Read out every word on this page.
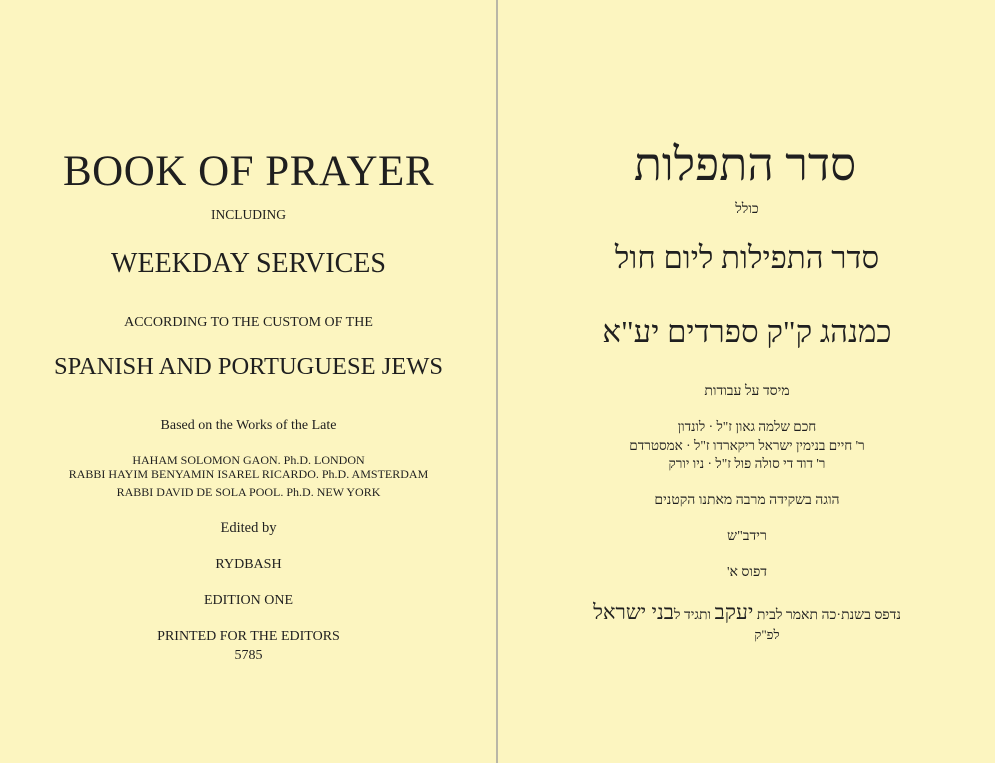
BOOK OF PRAYER
INCLUDING
WEEKDAY SERVICES
ACCORDING TO THE CUSTOM OF THE
SPANISH AND PORTUGUESE JEWS
Based on the Works of the Late
HAHAM SOLOMON GAON. Ph.D. LONDON
RABBI HAYIM BENYAMIN ISAREL RICARDO. Ph.D. AMSTERDAM
RABBI DAVID DE SOLA POOL. Ph.D. NEW YORK
Edited by
RYDBASH
EDITION ONE
PRINTED FOR THE EDITORS
5785
סדר התפלות
כולל
סדר התפילות ליום חול
כמנהג ק"ק ספרדים יע"א
מיסד על עבודות
חכם שלמה גאון ז"ל · לונדון
ר' חיים בנימין ישראל ריקארדו ז"ל · אמסטרדם
ר' דוד די סולה פול ז"ל · ניו יורק
הוגה בשקידה מרבה מאתנו הקטנים
רידב"ש
דפוס א'
נדפס בשנת·כה תאמר לבית יעקב ותגיד לבני ישראל
לפ"ק
